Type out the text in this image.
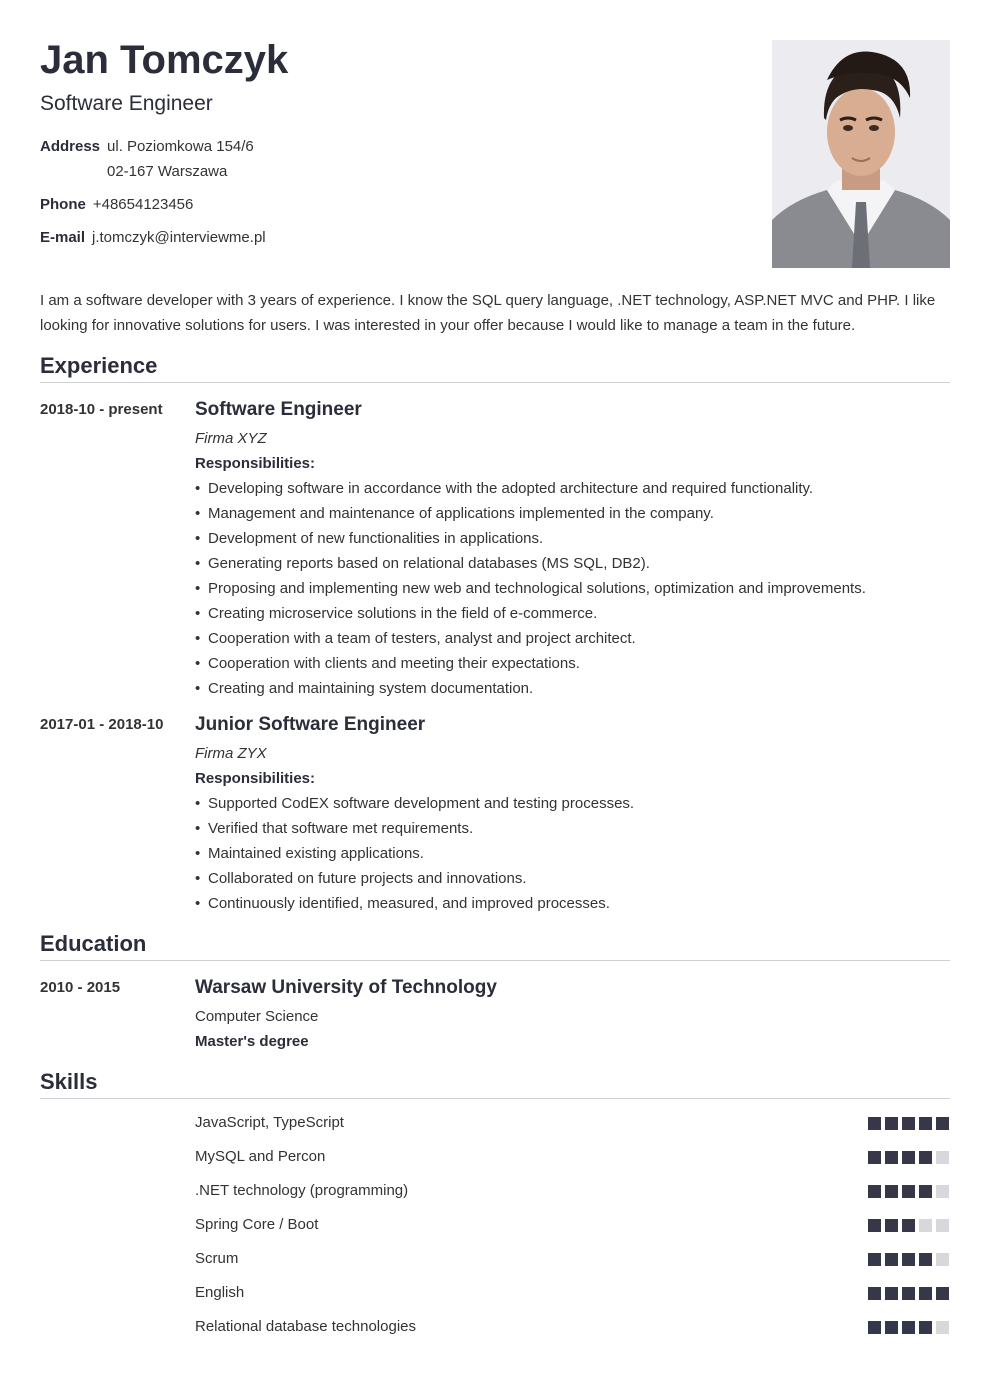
Jan Tomczyk
Software Engineer
Address ul. Poziomkowa 154/6
02-167 Warszawa
Phone +48654123456
E-mail j.tomczyk@interviewme.pl

I am a software developer with 3 years of experience. I know the SQL query language, .NET technology, ASP.NET MVC and PHP. I like looking for innovative solutions for users. I was interested in your offer because I would like to manage a team in the future.

Experience
2018-10 - present Software Engineer
Firma XYZ
Responsibilities:
• Developing software in accordance with the adopted architecture and required functionality.
• Management and maintenance of applications implemented in the company.
• Development of new functionalities in applications.
• Generating reports based on relational databases (MS SQL, DB2).
• Proposing and implementing new web and technological solutions, optimization and improvements.
• Creating microservice solutions in the field of e-commerce.
• Cooperation with a team of testers, analyst and project architect.
• Cooperation with clients and meeting their expectations.
• Creating and maintaining system documentation.
2017-01 - 2018-10 Junior Software Engineer
Firma ZYX
Responsibilities:
• Supported CodEX software development and testing processes.
• Verified that software met requirements.
• Maintained existing applications.
• Collaborated on future projects and innovations.
• Continuously identified, measured, and improved processes.
Education
2010 - 2015	Warsaw University of Technology
Computer Science
Master's degree
Skills
JavaScript, TypeScript
MySQL and Percon
.NET technology (programming)
Spring Core / Boot
Scrum
English
Relational database technologies
